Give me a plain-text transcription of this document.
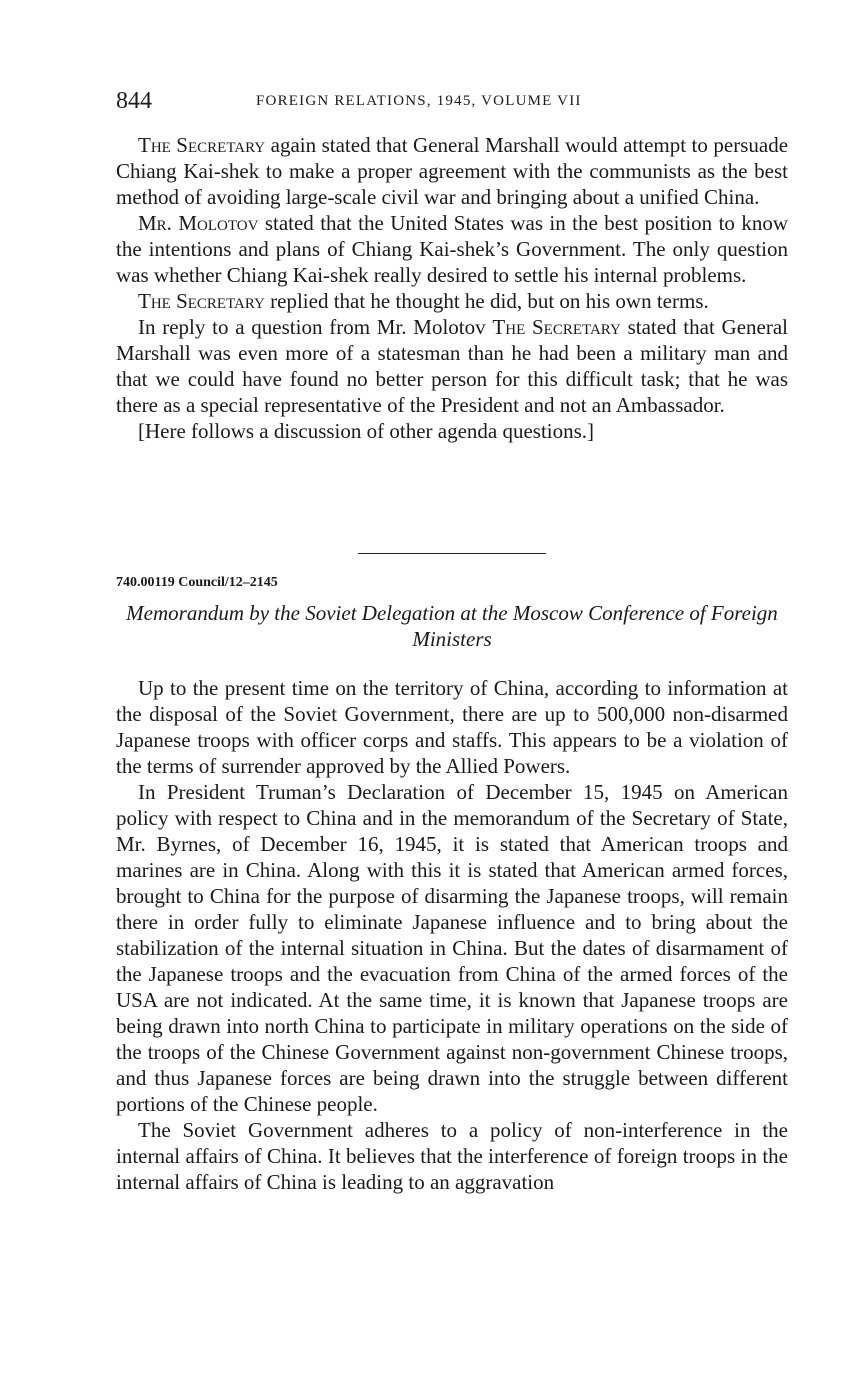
844	FOREIGN RELATIONS, 1945, VOLUME VII

The Secretary again stated that General Marshall would attempt to persuade Chiang Kai-shek to make a proper agreement with the communists as the best method of avoiding large-scale civil war and bringing about a unified China.

Mr. Molotov stated that the United States was in the best position to know the intentions and plans of Chiang Kai-shek’s Government. The only question was whether Chiang Kai-shek really desired to settle his internal problems.

The Secretary replied that he thought he did, but on his own terms.

In reply to a question from Mr. Molotov The Secretary stated that General Marshall was even more of a statesman than he had been a military man and that we could have found no better person for this difficult task; that he was there as a special representative of the President and not an Ambassador.

[Here follows a discussion of other agenda questions.]

740.00119 Council/12–2145
Memorandum by the Soviet Delegation at the Moscow Conference of Foreign Ministers

Up to the present time on the territory of China, according to information at the disposal of the Soviet Government, there are up to 500,000 non-disarmed Japanese troops with officer corps and staffs. This appears to be a violation of the terms of surrender approved by the Allied Powers.

In President Truman’s Declaration of December 15, 1945 on American policy with respect to China and in the memorandum of the Secretary of State, Mr. Byrnes, of December 16, 1945, it is stated that American troops and marines are in China. Along with this it is stated that American armed forces, brought to China for the purpose of disarming the Japanese troops, will remain there in order fully to eliminate Japanese influence and to bring about the stabilization of the internal situation in China. But the dates of disarmament of the Japanese troops and the evacuation from China of the armed forces of the USA are not indicated. At the same time, it is known that Japanese troops are being drawn into north China to participate in military operations on the side of the troops of the Chinese Government against non-government Chinese troops, and thus Japanese forces are being drawn into the struggle between different portions of the Chinese people.

The Soviet Government adheres to a policy of non-interference in the internal affairs of China. It believes that the interference of foreign troops in the internal affairs of China is leading to an aggravation
